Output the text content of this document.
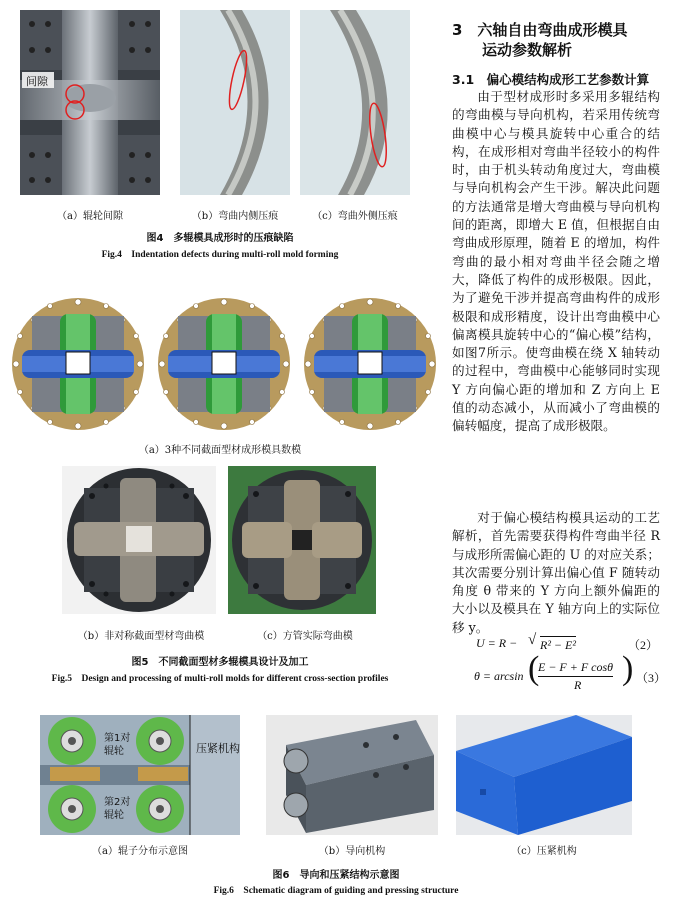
间隙
（a）辊轮间隙	（b）弯曲内侧压痕	（c）弯曲外侧压痕
图4　多辊模具成形时的压痕缺陷
Fig.4　Indentation defects during multi-roll mold forming
（a）3种不同截面型材成形模具数模
（b）非对称截面型材弯曲模	（c）方管实际弯曲模
图5　不同截面型材多辊模具设计及加工
Fig.5　Design and processing of multi-roll molds for different cross-section profiles
第1对
辊轮
第2对
辊轮
压紧机构
（a）辊子分布示意图	（b）导向机构	（c）压紧机构
图6　导向和压紧结构示意图
Fig.6　Schematic diagram of guiding and pressing structure
3　六轴自由弯曲成形模具
运动参数解析
3.1　偏心模结构成形工艺参数计算

由于型材成形时多采用多辊结构的弯曲模与导向机构，若采用传统弯曲模中心与模具旋转中心重合的结构，在成形相对弯曲半径较小的构件时，由于机头转动角度过大，弯曲模与导向机构会产生干涉。解决此问题的方法通常是增大弯曲模与导向机构间的距离，即增大 E 值，但根据自由弯曲成形原理，随着 E 的增加，构件弯曲的最小相对弯曲半径会随之增大，降低了构件的成形极限。因此，为了避免干涉并提高弯曲构件的成形极限和成形精度，设计出弯曲模中心偏离模具旋转中心的“偏心模”结构，如图7所示。使弯曲模在绕 X 轴转动的过程中，弯曲模中心能够同时实现 Y 方向偏心距的增加和 Z 方向上 E 值的动态减小，从而减小了弯曲模的偏转幅度，提高了成形极限。

对于偏心模结构模具运动的工艺解析，首先需要获得构件弯曲半径 R 与成形所需偏心距的 U 的对应关系；其次需要分别计算出偏心值 F 随转动角度 θ 带来的 Y 方向上额外偏距的大小以及模具在 Y 轴方向上的实际位移 y。

U = R − √ R² − E²	（2）
θ = arcsin (
E − F + F cosθ
R ) （3）
